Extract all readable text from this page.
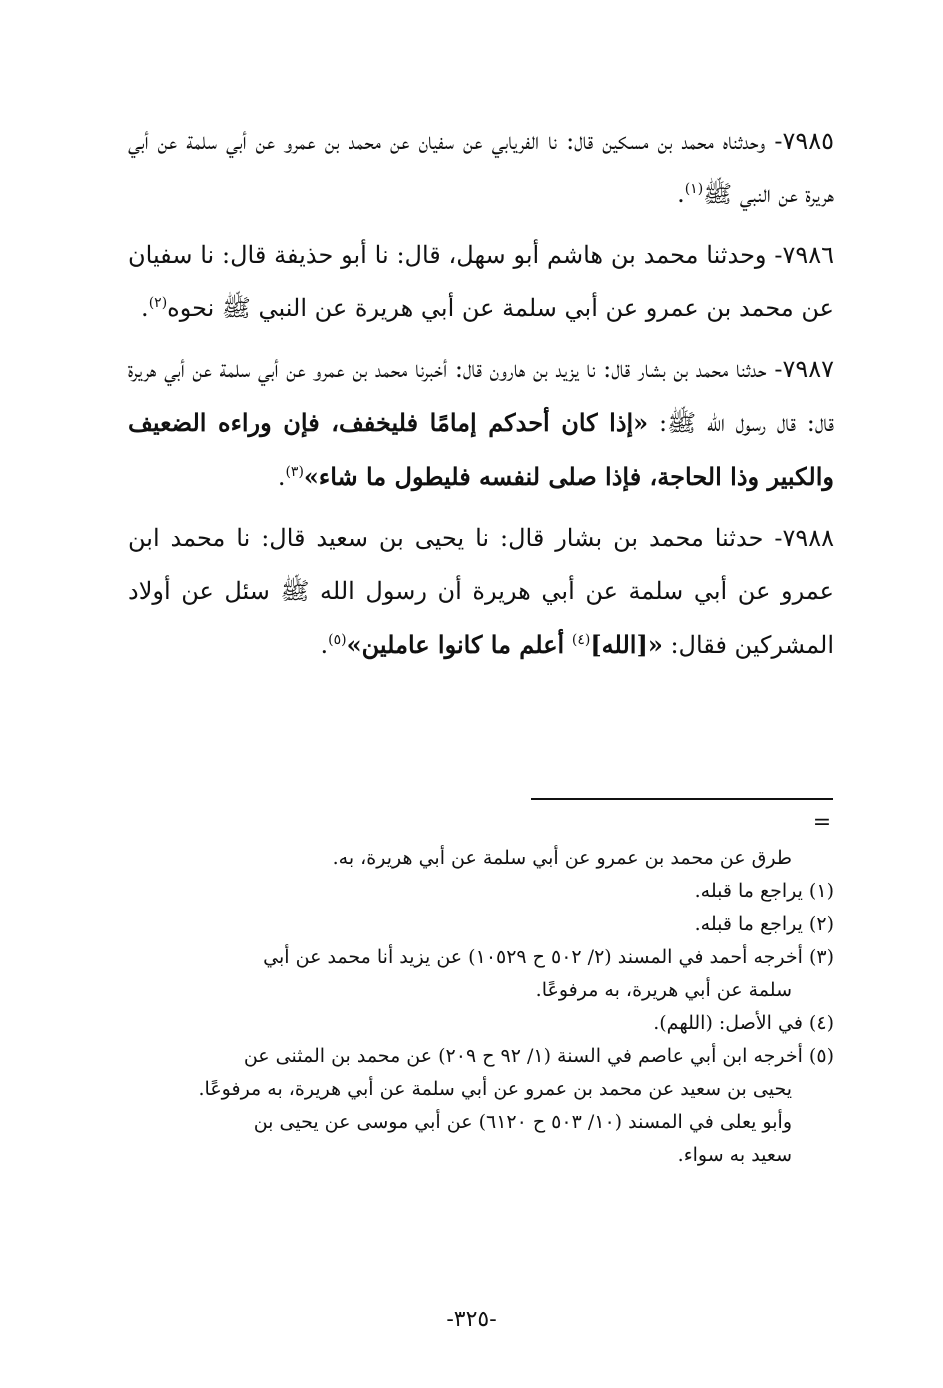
٧٩٨٥- وحدثناه محمد بن مسكين قال: نا الفريابي عن سفيان عن محمد بن عمرو عن أبي سلمة عن أبي هريرة عن النبي ﷺ$^{(١)}$.

٧٩٨٦- وحدثنا محمد بن هاشم أبو سهل، قال: نا أبو حذيفة قال: نا سفيان عن محمد بن عمرو عن أبي سلمة عن أبي هريرة عن النبي ﷺ نحوه$^{(٢)}$.

٧٩٨٧- حدثنا محمد بن بشار قال: نا يزيد بن هارون قال: أخبرنا محمد بن عمرو عن أبي سلمة عن أبي هريرة قال: قال رسول الله ﷺ: «إذا كان أحدكم إمامًا فليخفف، فإن وراءه الضعيف والكبير وذا الحاجة، فإذا صلى لنفسه فليطول ما شاء»$^{(٣)}$.

٧٩٨٨- حدثنا محمد بن بشار قال: نا يحيى بن سعيد قال: نا محمد ابن عمرو عن أبي سلمة عن أبي هريرة أن رسول الله ﷺ سئل عن أولاد المشركين فقال: «[الله]$^{(٤)}$ أعلم ما كانوا عاملين»$^{(٥)}$.

=

طرق عن محمد بن عمرو عن أبي سلمة عن أبي هريرة، به.

(١) يراجع ما قبله.

(٢) يراجع ما قبله.

(٣) أخرجه أحمد في المسند (٢/ ٥٠٢ ح ١٠٥٢٩) عن يزيد أنا محمد عن أبي

سلمة عن أبي هريرة، به مرفوعًا.

(٤) في الأصل: (اللهم).

(٥) أخرجه ابن أبي عاصم في السنة (١/ ٩٢ ح ٢٠٩) عن محمد بن المثنى عن

يحيى بن سعيد عن محمد بن عمرو عن أبي سلمة عن أبي هريرة، به مرفوعًا.

وأبو يعلى في المسند (١٠/ ٥٠٣ ح ٦١٢٠) عن أبي موسى عن يحيى بن

سعيد به سواء.

-٣٢٥-
